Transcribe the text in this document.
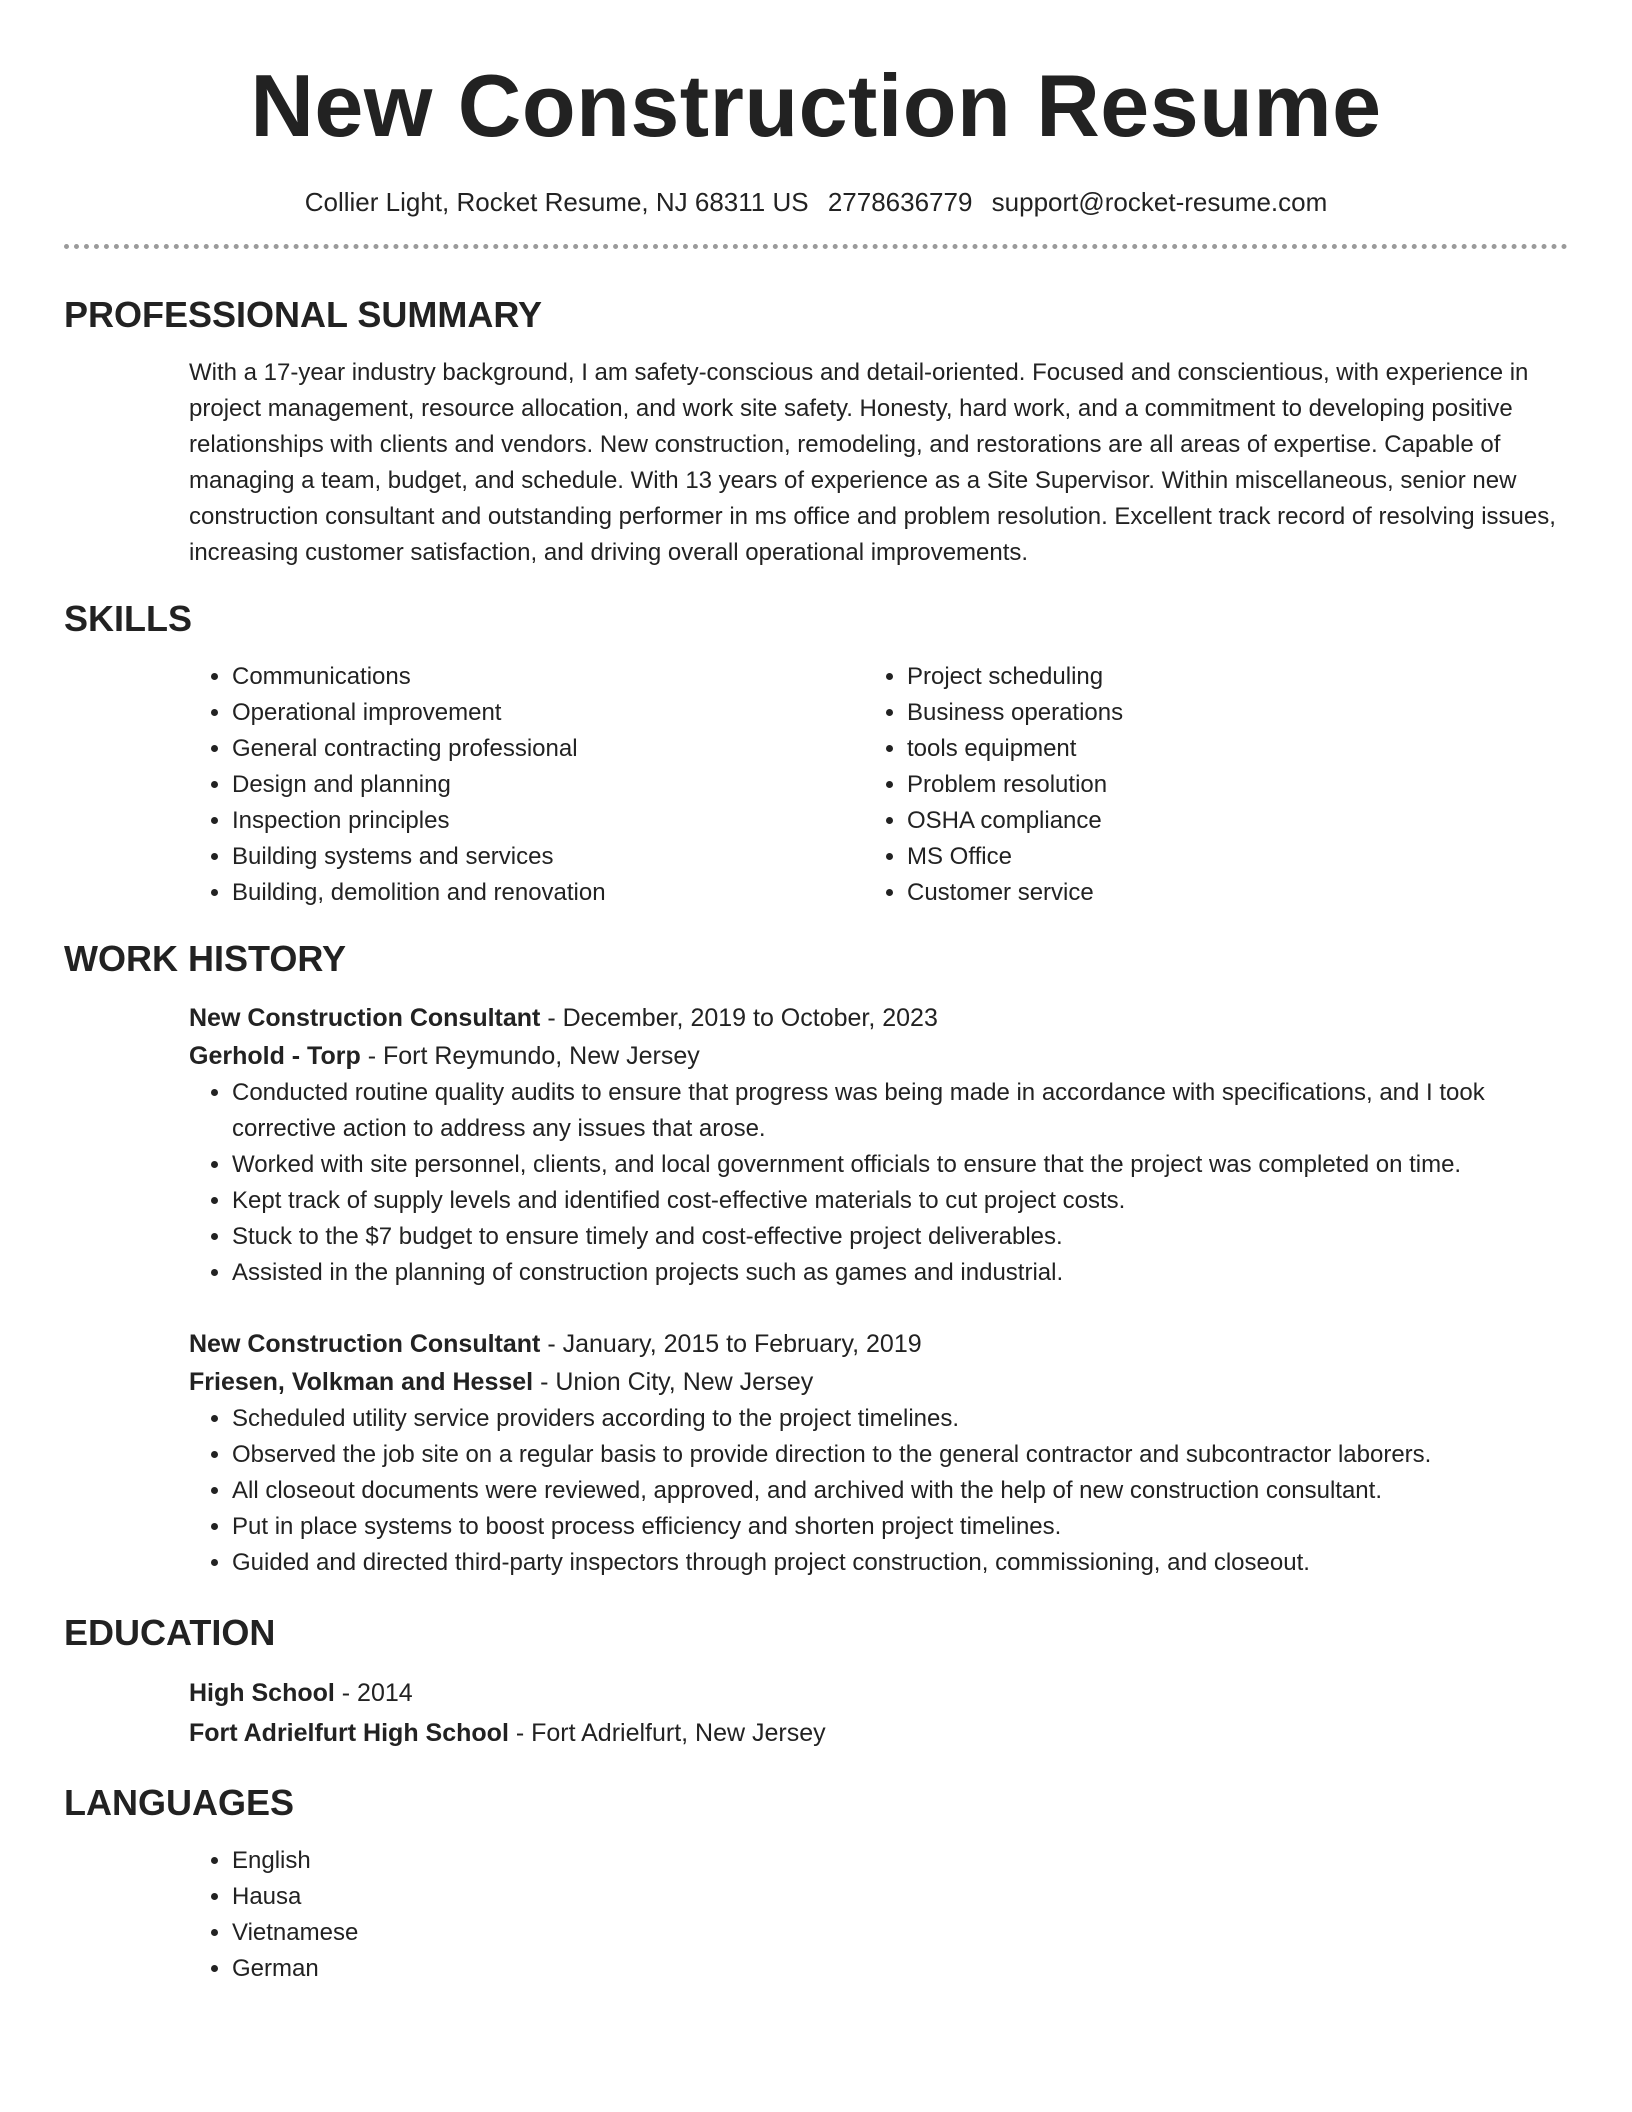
New Construction Resume
Collier Light, Rocket Resume, NJ 68311 US 2778636779 support@rocket-resume.com
PROFESSIONAL SUMMARY
With a 17-year industry background, I am safety-conscious and detail-oriented. Focused and conscientious, with experience in project management, resource allocation, and work site safety. Honesty, hard work, and a commitment to developing positive relationships with clients and vendors. New construction, remodeling, and restorations are all areas of expertise. Capable of managing a team, budget, and schedule. With 13 years of experience as a Site Supervisor. Within miscellaneous, senior new construction consultant and outstanding performer in ms office and problem resolution. Excellent track record of resolving issues, increasing customer satisfaction, and driving overall operational improvements.
SKILLS
• Communications
• Operational improvement
• General contracting professional
• Design and planning
• Inspection principles
• Building systems and services
• Building, demolition and renovation
• Project scheduling
• Business operations
• tools equipment
• Problem resolution
• OSHA compliance
• MS Office
• Customer service
WORK HISTORY
New Construction Consultant - December, 2019 to October, 2023
Gerhold - Torp - Fort Reymundo, New Jersey
• Conducted routine quality audits to ensure that progress was being made in accordance with specifications, and I took corrective action to address any issues that arose.
• Worked with site personnel, clients, and local government officials to ensure that the project was completed on time.
• Kept track of supply levels and identified cost-effective materials to cut project costs.
• Stuck to the $7 budget to ensure timely and cost-effective project deliverables.
• Assisted in the planning of construction projects such as games and industrial.
New Construction Consultant - January, 2015 to February, 2019
Friesen, Volkman and Hessel - Union City, New Jersey
• Scheduled utility service providers according to the project timelines.
• Observed the job site on a regular basis to provide direction to the general contractor and subcontractor laborers.
• All closeout documents were reviewed, approved, and archived with the help of new construction consultant.
• Put in place systems to boost process efficiency and shorten project timelines.
• Guided and directed third-party inspectors through project construction, commissioning, and closeout.
EDUCATION
High School - 2014
Fort Adrielfurt High School - Fort Adrielfurt, New Jersey
LANGUAGES
• English
• Hausa
• Vietnamese
• German
